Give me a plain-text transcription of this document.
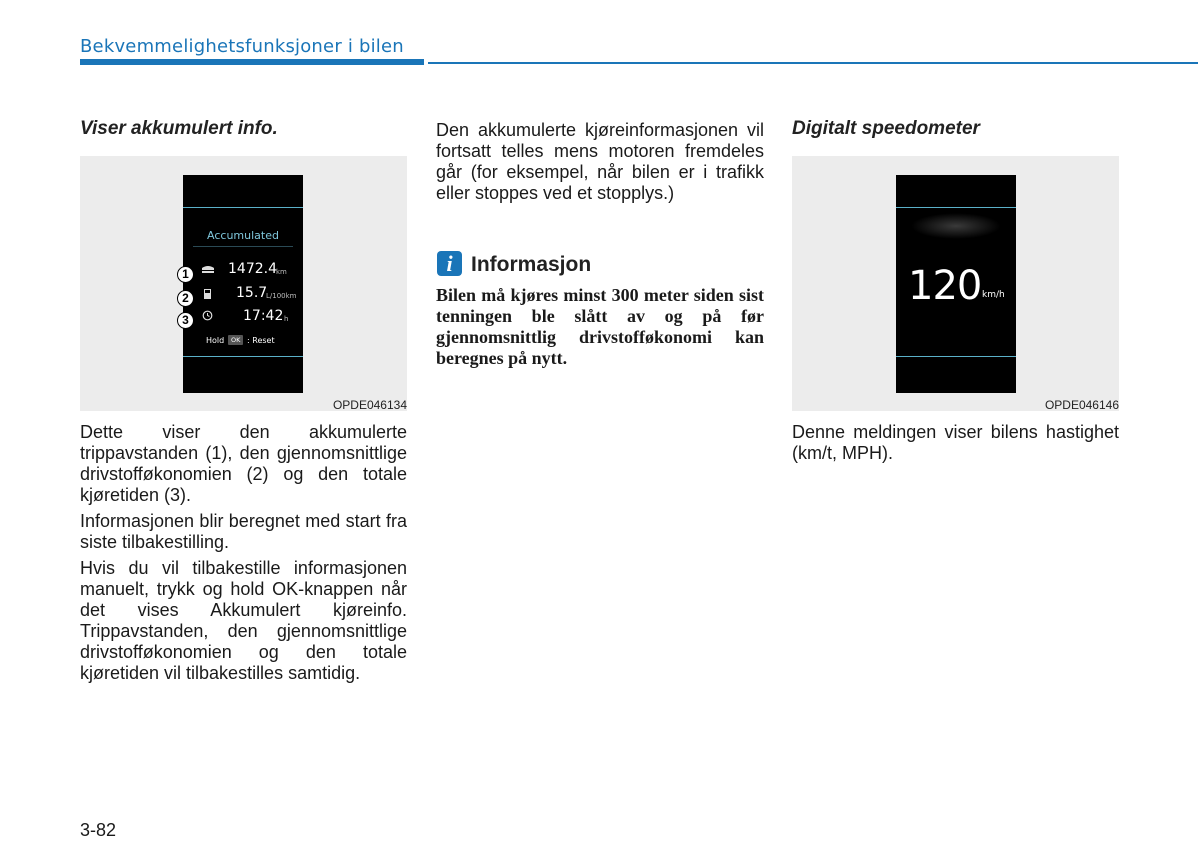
Bekvemmelighetsfunksjoner i bilen
Viser akkumulert info.
Accumulated
1472.4 km
15.7
L/100km
17:42 h
Hold	OK : Reset
1
2
3
OPDE046134

Dette viser den akkumulerte trippavstanden (1), den gjennomsnittlige drivstofføkonomien (2) og den totale kjøretiden (3).

Informasjonen blir beregnet med start fra siste tilbakestilling.

Hvis du vil tilbakestille informasjonen manuelt, trykk og hold OK-knappen når det vises Akkumulert kjøreinfo. Trippavstanden, den gjennomsnittlige drivstofføkonomien og den totale kjøretiden vil tilbakestilles samtidig.

Den akkumulerte kjøreinformasjonen vil fortsatt telles mens motoren fremdeles går (for eksempel, når bilen er i trafikk eller stoppes ved et stopplys.)

i Informasjon
Bilen må kjøres minst 300 meter siden sist tenningen ble slått av og på før gjennomsnittlig drivstofføkonomi kan beregnes på nytt.
Digitalt speedometer
120 km/h
OPDE046146

Denne meldingen viser bilens hastighet (km/t, MPH).

3-82
